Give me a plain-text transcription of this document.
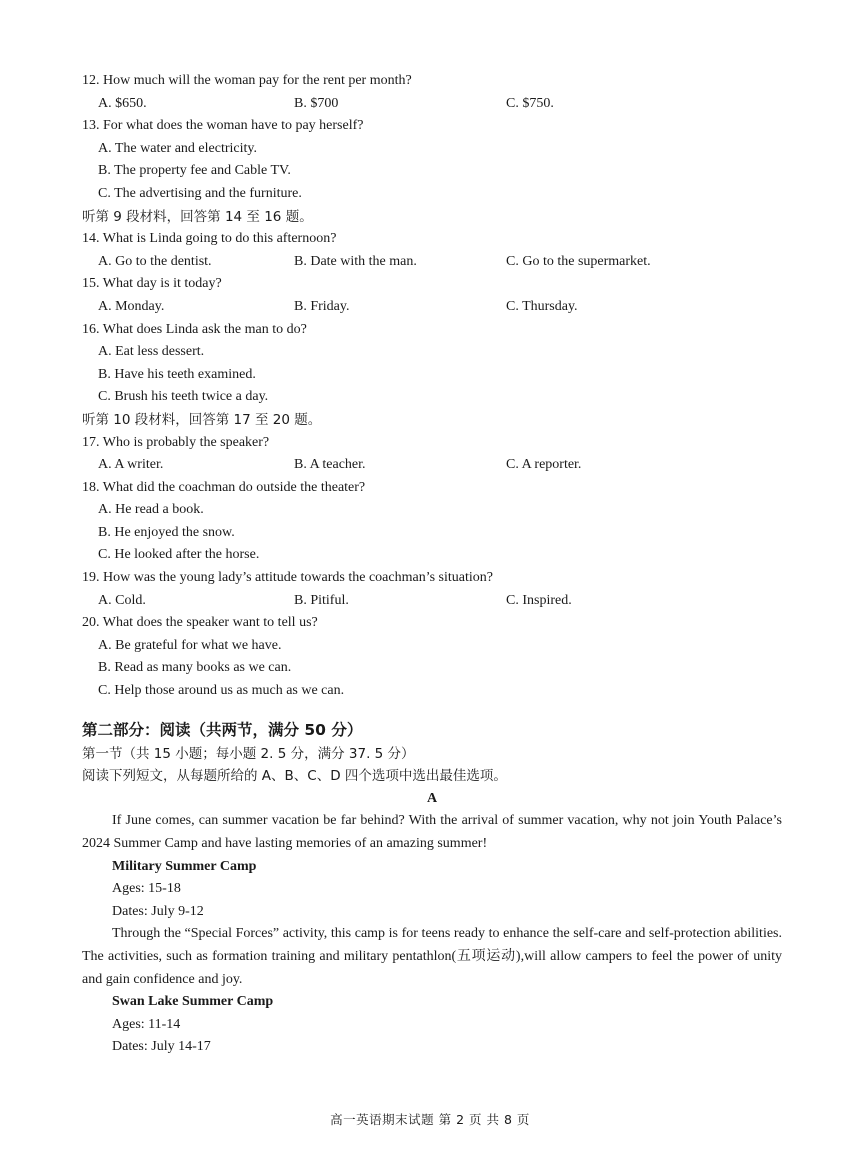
12. How much will the woman pay for the rent per month?
A. $650.	B. $700	C. $750.
13. For what does the woman have to pay herself?
A. The water and electricity.
B. The property fee and Cable TV.
C. The advertising and the furniture.
听第 9 段材料，回答第 14 至 16 题。
14. What is Linda going to do this afternoon?
A. Go to the dentist.	B. Date with the man.	C. Go to the supermarket.
15. What day is it today?
A. Monday.	B. Friday.	C. Thursday.
16. What does Linda ask the man to do?
A. Eat less dessert.
B. Have his teeth examined.
C. Brush his teeth twice a day.
听第 10 段材料，回答第 17 至 20 题。
17. Who is probably the speaker?
A. A writer.	B. A teacher.	C. A reporter.
18. What did the coachman do outside the theater?
A. He read a book.
B. He enjoyed the snow.
C. He looked after the horse.
19. How was the young lady’s attitude towards the coachman’s situation?
A. Cold.	B. Pitiful.	C. Inspired.
20. What does the speaker want to tell us?
A. Be grateful for what we have.
B. Read as many books as we can.
C. Help those around us as much as we can.
第二部分：阅读（共两节，满分 50 分）
第一节（共 15 小题；每小题 2. 5 分，满分 37. 5 分）
阅读下列短文，从每题所给的 A、B、C、D 四个选项中选出最佳选项。
A
If June comes, can summer vacation be far behind? With the arrival of summer vacation, why not join Youth Palace’s 2024 Summer Camp and have lasting memories of an amazing summer!
Military Summer Camp
Ages: 15-18
Dates: July 9-12
Through the “Special Forces” activity, this camp is for teens ready to enhance the self-care and self-protection abilities. The activities, such as formation training and military pentathlon(五项运动),will allow campers to feel the power of unity and gain confidence and joy.
Swan Lake Summer Camp
Ages: 11-14
Dates: July 14-17
高一英语期末试题 第 2 页 共 8 页
